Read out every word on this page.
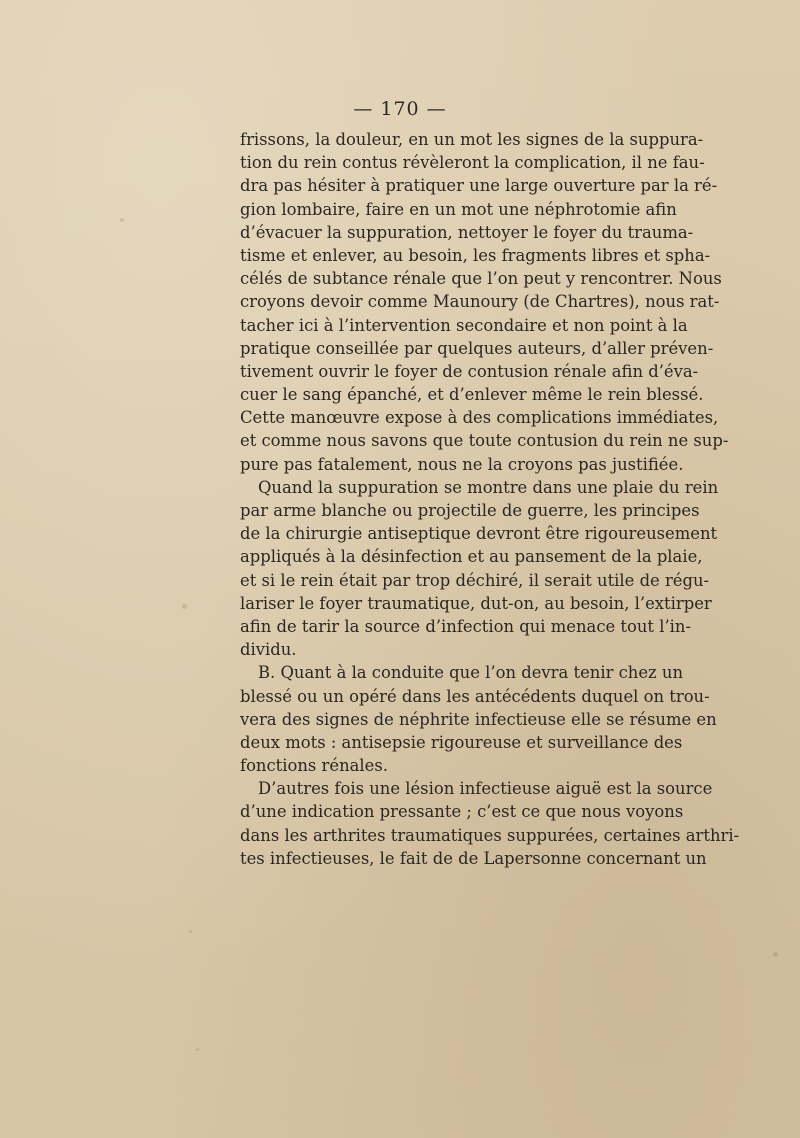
— 170 —
frissons, la douleur, en un mot les signes de la suppura-
tion du rein contus révèleront la complication, il ne fau-
dra pas hésiter à pratiquer une large ouverture par la ré-
gion lombaire, faire en un mot une néphrotomie afin
d’évacuer la suppuration, nettoyer le foyer du trauma-
tisme et enlever, au besoin, les fragments libres et spha-
célés de subtance rénale que l’on peut y rencontrer. Nous
croyons devoir comme Maunoury (de Chartres), nous rat-
tacher ici à l’intervention secondaire et non point à la
pratique conseillée par quelques auteurs, d’aller préven-
tivement ouvrir le foyer de contusion rénale afin d’éva-
cuer le sang épanché, et d’enlever même le rein blessé.
Cette manœuvre expose à des complications immédiates,
et comme nous savons que toute contusion du rein ne sup-
pure pas fatalement, nous ne la croyons pas justifiée.
Quand la suppuration se montre dans une plaie du rein
par arme blanche ou projectile de guerre, les principes
de la chirurgie antiseptique devront être rigoureusement
appliqués à la désinfection et au pansement de la plaie,
et si le rein était par trop déchiré, il serait utile de régu-
lariser le foyer traumatique, dut-on, au besoin, l’extirper
afin de tarir la source d’infection qui menace tout l’in-
dividu.
B. Quant à la conduite que l’on devra tenir chez un
blessé ou un opéré dans les antécédents duquel on trou-
vera des signes de néphrite infectieuse elle se résume en
deux mots : antisepsie rigoureuse et surveillance des
fonctions rénales.
D’autres fois une lésion infectieuse aiguë est la source
d’une indication pressante ; c’est ce que nous voyons
dans les arthrites traumatiques suppurées, certaines arthri-
tes infectieuses, le fait de de Lapersonne concernant un
